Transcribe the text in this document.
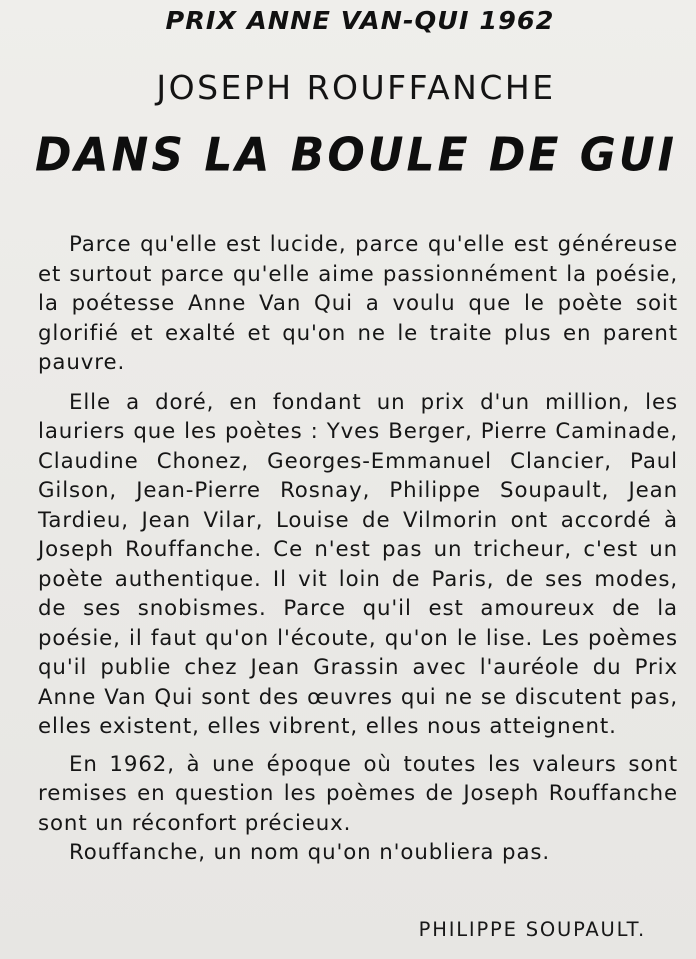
PRIX ANNE VAN-QUI 1962
JOSEPH ROUFFANCHE
DANS LA BOULE DE GUI

Parce qu'elle est lucide, parce qu'elle est généreuse et surtout parce qu'elle aime passionnément la poésie, la poétesse Anne Van Qui a voulu que le poète soit glorifié et exalté et qu'on ne le traite plus en parent pauvre.

Elle a doré, en fondant un prix d'un million, les lauriers que les poètes : Yves Berger, Pierre Caminade, Claudine Chonez, Georges-Emmanuel Clancier, Paul Gilson, Jean-Pierre Rosnay, Philippe Soupault, Jean Tardieu, Jean Vilar, Louise de Vilmorin ont accordé à Joseph Rouffanche. Ce n'est pas un tricheur, c'est un poète authentique. Il vit loin de Paris, de ses modes, de ses snobismes. Parce qu'il est amoureux de la poésie, il faut qu'on l'écoute, qu'on le lise. Les poèmes qu'il publie chez Jean Grassin avec l'auréole du Prix Anne Van Qui sont des œuvres qui ne se discutent pas, elles existent, elles vibrent, elles nous atteignent.

En 1962, à une époque où toutes les valeurs sont remises en question les poèmes de Joseph Rouffanche sont un réconfort précieux.

Rouffanche, un nom qu'on n'oubliera pas.

PHILIPPE SOUPAULT.
